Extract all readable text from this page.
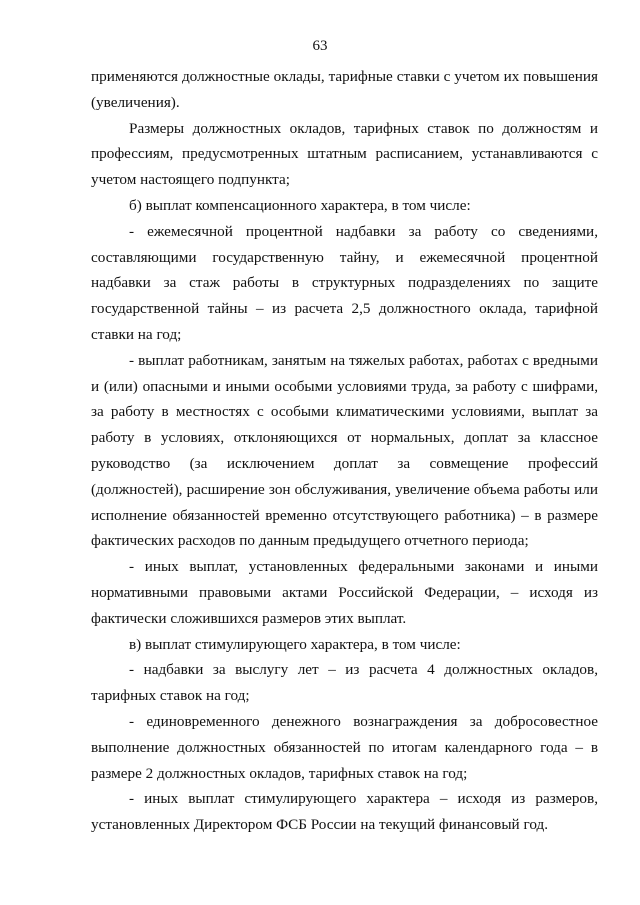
63

применяются должностные оклады, тарифные ставки с учетом их повышения (увеличения).

Размеры должностных окладов, тарифных ставок по должностям и профессиям, предусмотренных штатным расписанием, устанавливаются с учетом настоящего подпункта;

б) выплат компенсационного характера, в том числе:

- ежемесячной процентной надбавки за работу со сведениями, составляющими государственную тайну, и ежемесячной процентной надбавки за стаж работы в структурных подразделениях по защите государственной тайны – из расчета 2,5 должностного оклада, тарифной ставки на год;

- выплат работникам, занятым на тяжелых работах, работах с вредными и (или) опасными и иными особыми условиями труда, за работу с шифрами, за работу в местностях с особыми климатическими условиями, выплат за работу в условиях, отклоняющихся от нормальных, доплат за классное руководство (за исключением доплат за совмещение профессий (должностей), расширение зон обслуживания, увеличение объема работы или исполнение обязанностей временно отсутствующего работника) – в размере фактических расходов по данным предыдущего отчетного периода;

- иных выплат, установленных федеральными законами и иными нормативными правовыми актами Российской Федерации, – исходя из фактически сложившихся размеров этих выплат.

в) выплат стимулирующего характера, в том числе:

- надбавки за выслугу лет – из расчета 4 должностных окладов, тарифных ставок на год;

- единовременного денежного вознаграждения за добросовестное выполнение должностных обязанностей по итогам календарного года – в размере 2 должностных окладов, тарифных ставок на год;

- иных выплат стимулирующего характера – исходя из размеров, установленных Директором ФСБ России на текущий финансовый год.
